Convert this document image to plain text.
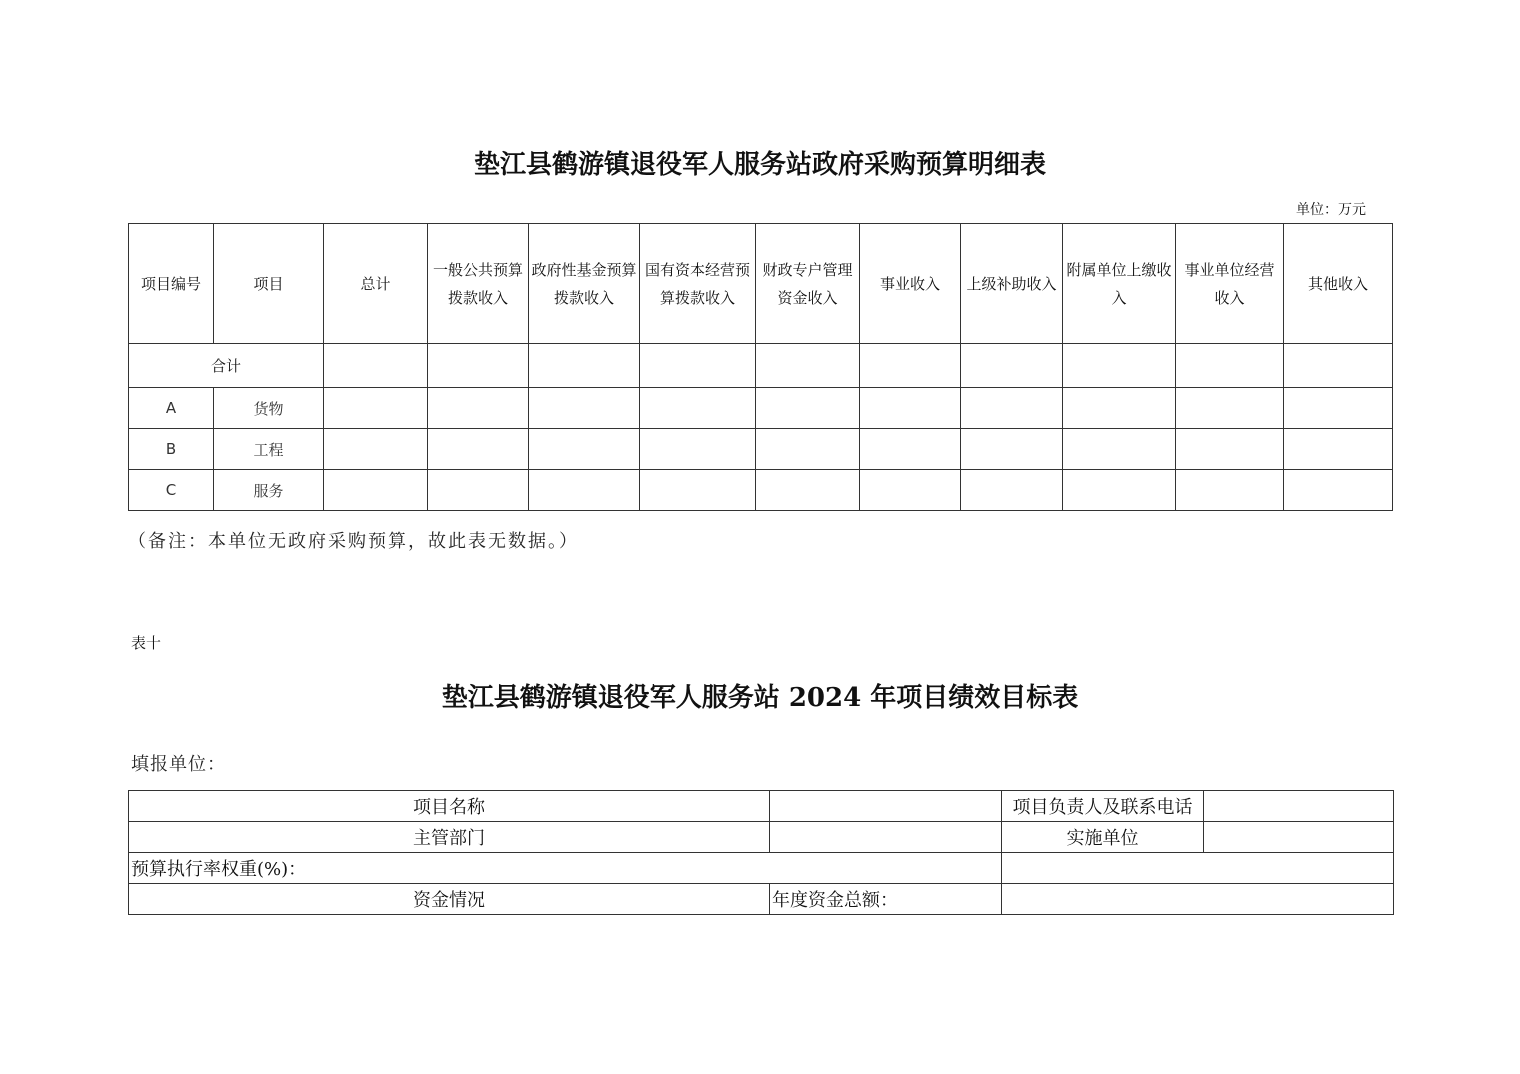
垫江县鹤游镇退役军人服务站政府采购预算明细表
单位：万元
项目编号	项目	总计	一般公共预算拨款收入	政府性基金预算拨款收入	国有资本经营预算拨款收入	财政专户管理资金收入	事业收入	上级补助收入	附属单位上缴收入	事业单位经营收入	其他收入
合计											
A	货物										
B	工程										
C	服务										
（备注：本单位无政府采购预算，故此表无数据。）
表十
垫江县鹤游镇退役军人服务站 2024 年项目绩效目标表
填报单位：
项目名称		项目负责人及联系电话	
主管部门		实施单位	
预算执行率权重(%)：			
资金情况	年度资金总额：		
